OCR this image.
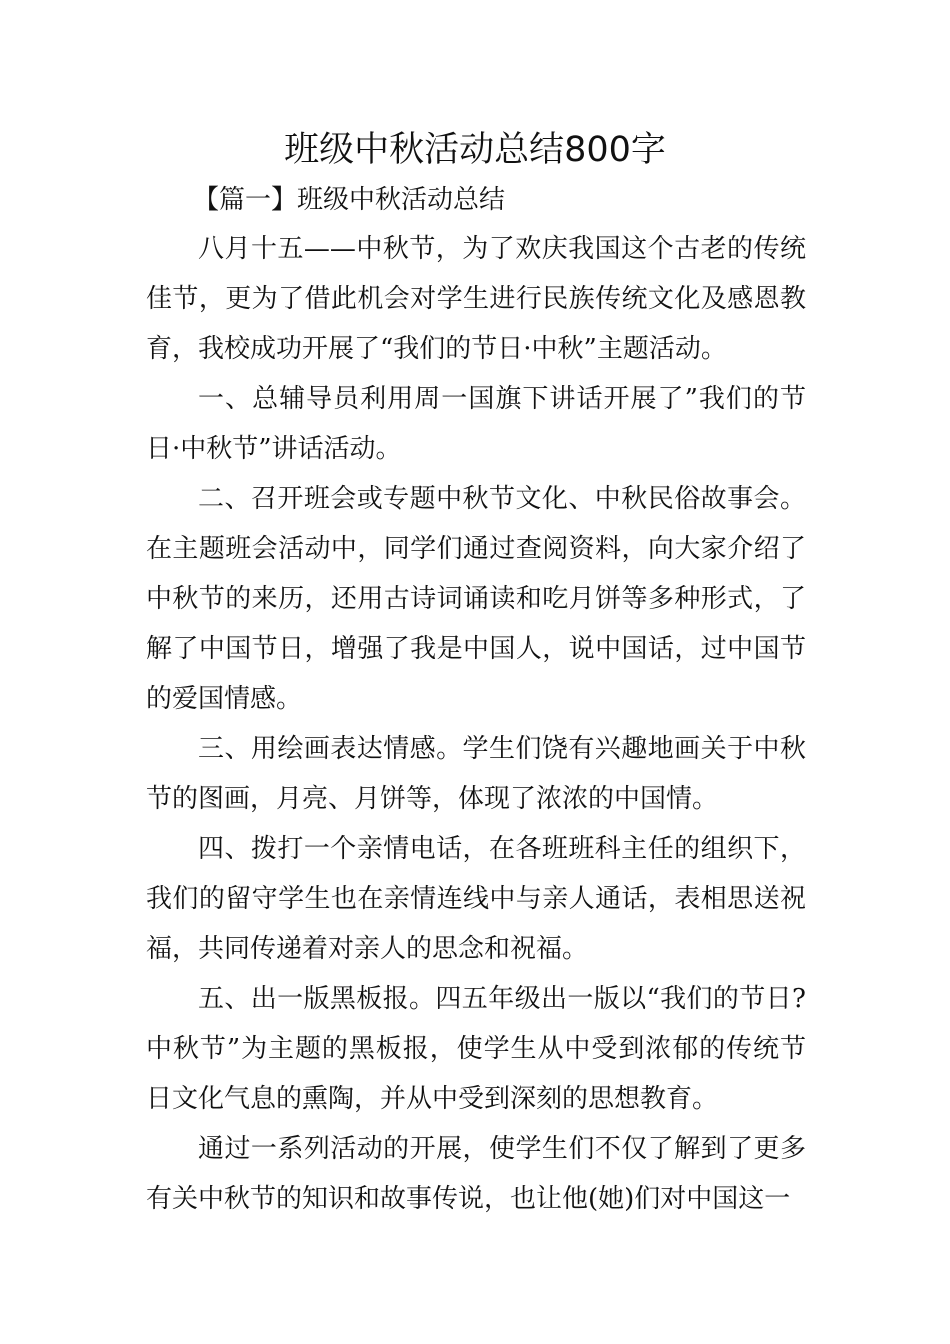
班级中秋活动总结800字
【篇一】班级中秋活动总结

八月十五——中秋节，为了欢庆我国这个古老的传统佳节，更为了借此机会对学生进行民族传统文化及感恩教育，我校成功开展了“我们的节日·中秋”主题活动。

一、总辅导员利用周一国旗下讲话开展了”我们的节日·中秋节”讲话活动。

二、召开班会或专题中秋节文化、中秋民俗故事会。在主题班会活动中，同学们通过查阅资料，向大家介绍了中秋节的来历，还用古诗词诵读和吃月饼等多种形式，了解了中国节日，增强了我是中国人，说中国话，过中国节的爱国情感。

三、用绘画表达情感。学生们饶有兴趣地画关于中秋节的图画，月亮、月饼等，体现了浓浓的中国情。

四、拨打一个亲情电话，在各班班科主任的组织下，我们的留守学生也在亲情连线中与亲人通话，表相思送祝福，共同传递着对亲人的思念和祝福。

五、出一版黑板报。四五年级出一版以“我们的节日?中秋节”为主题的黑板报，使学生从中受到浓郁的传统节日文化气息的熏陶，并从中受到深刻的思想教育。

通过一系列活动的开展，使学生们不仅了解到了更多有关中秋节的知识和故事传说，也让他(她)们对中国这一
